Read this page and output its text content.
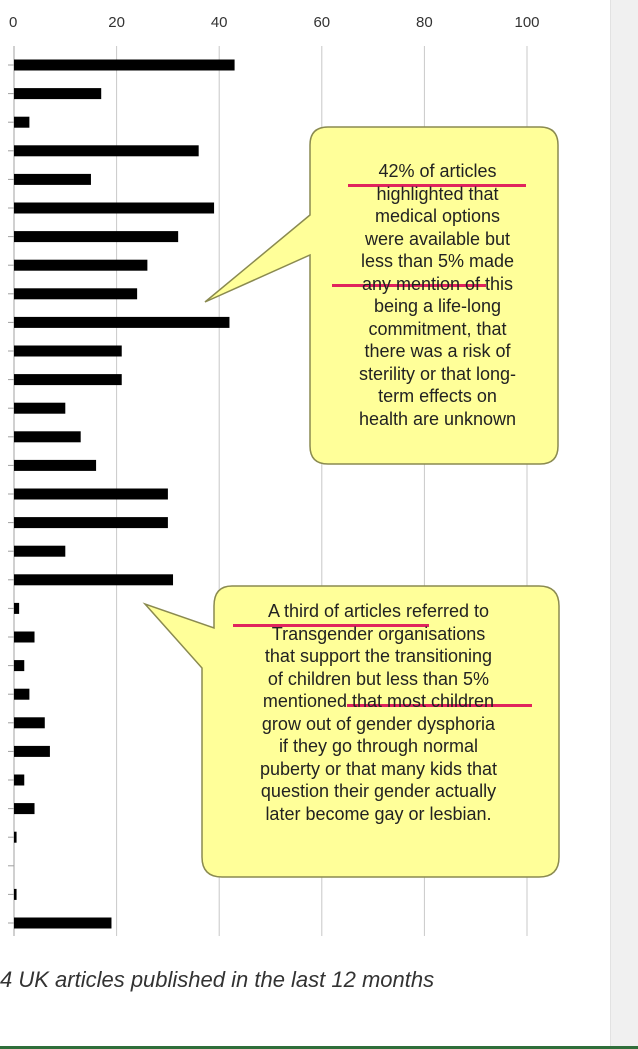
0	20	40	60	80	100

42% of articles
highlighted that
medical options
were available but
less than 5% made
any mention of this
being a life-long
commitment, that
there was a risk of
sterility or that long-
term effects on
health are unknown

A third of articles referred to
Transgender organisations
that support the transitioning
of children but less than 5%
mentioned that most children
grow out of gender dysphoria
if they go through normal
puberty or that many kids that
question their gender actually
later become gay or lesbian.

4 UK articles published in the last 12 months
